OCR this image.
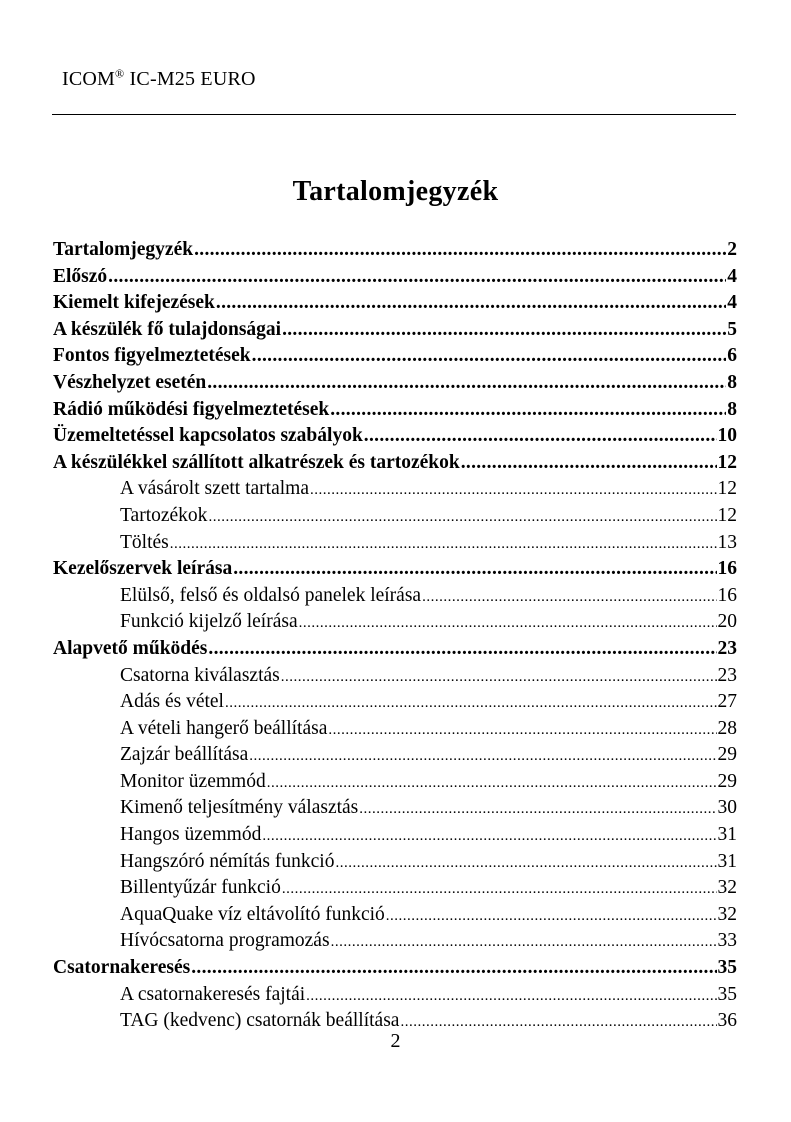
ICOM® IC-M25 EURO
Tartalomjegyzék
Tartalomjegyzék .....	2
Előszó .....	4
Kiemelt kifejezések .....	4
A készülék fő tulajdonságai .....	5
Fontos figyelmeztetések .....	6
Vészhelyzet esetén .....	8
Rádió működési figyelmeztetések .....	8
Üzemeltetéssel kapcsolatos szabályok .....	10
A készülékkel szállított alkatrészek és tartozékok .....	12
A vásárolt szett tartalma .....	12
Tartozékok .....	12
Töltés .....	13
Kezelőszervek leírása .....	16
Elülső, felső és oldalsó panelek leírása .....	16
Funkció kijelző leírása .....	20
Alapvető működés .....	23
Csatorna kiválasztás .....	23
Adás és vétel .....	27
A vételi hangerő beállítása .....	28
Zajzár beállítása .....	29
Monitor üzemmód .....	29
Kimenő teljesítmény választás .....	30
Hangos üzemmód .....	31
Hangszóró némítás funkció .....	31
Billentyűzár funkció .....	32
AquaQuake víz eltávolító funkció .....	32
Hívócsatorna programozás .....	33
Csatornakeresés .....	35
A csatornakeresés fajtái .....	35
TAG (kedvenc) csatornák beállítása .....	36
2
